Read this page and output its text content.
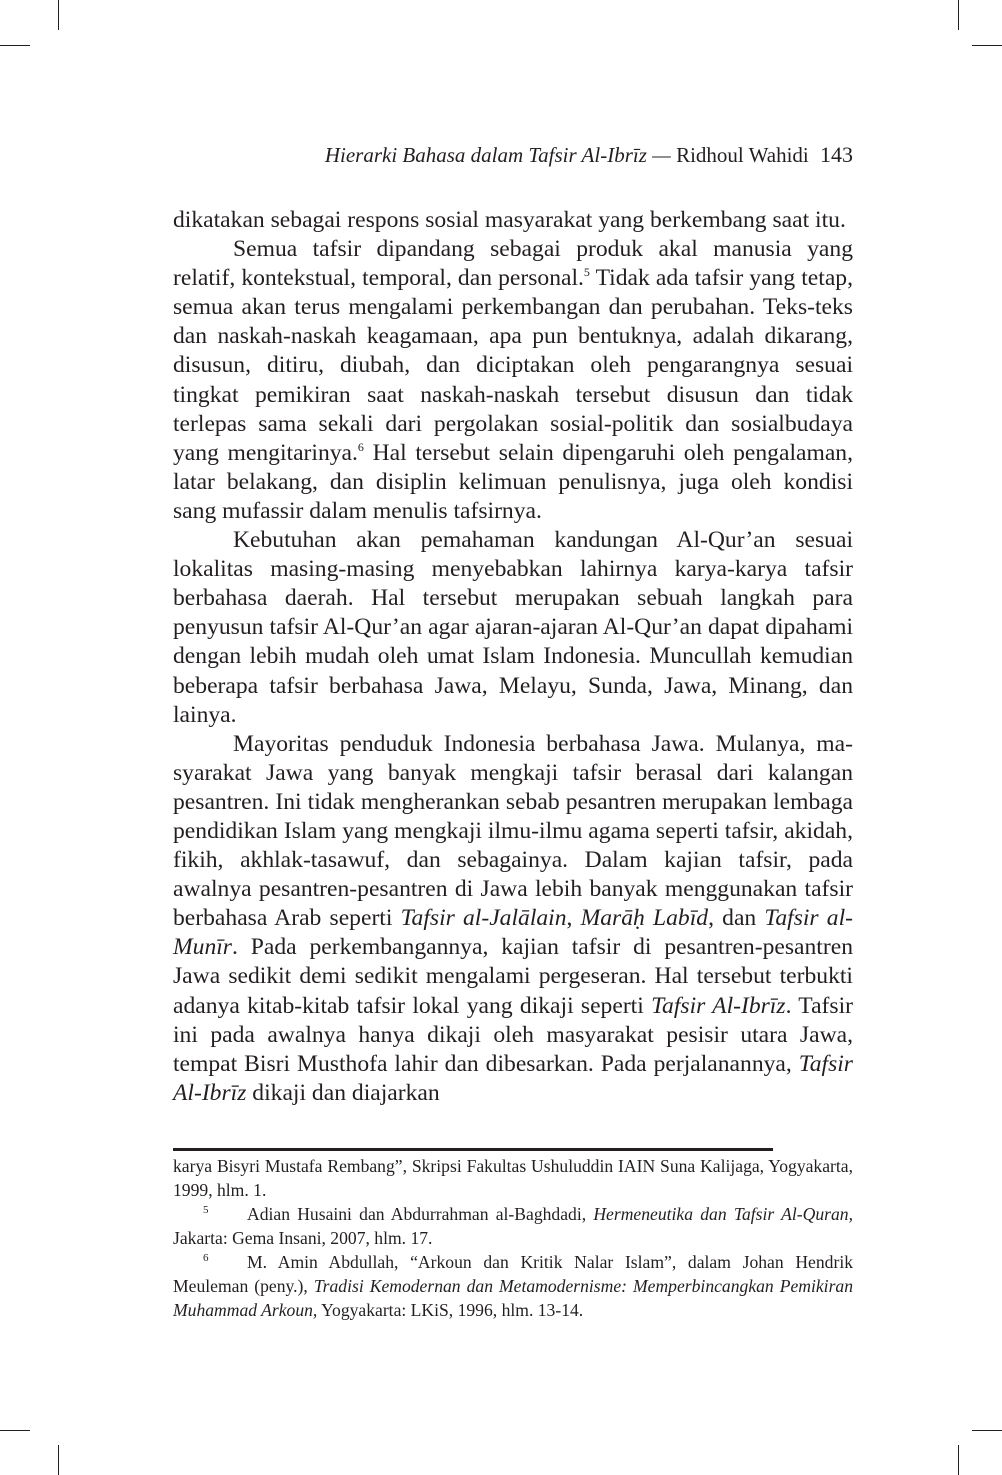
Hierarki Bahasa dalam Tafsir Al-Ibrīz — Ridhoul Wahidi 143

dikatakan sebagai respons sosial masyarakat yang berkembang saat itu.

Semua tafsir dipandang sebagai produk akal manusia yang relatif, kontekstual, temporal, dan personal.$^5$ Tidak ada tafsir yang tetap, semua akan terus mengalami perkembangan dan perubahan. Teks-teks dan naskah-naskah keagamaan, apa pun bentuknya, adalah dikarang, disusun, ditiru, diubah, dan diciptakan oleh pengarangnya sesuai tingkat pemikiran saat naskah-naskah tersebut disusun dan tidak terlepas sama sekali dari pergolakan sosial-politik dan sosialbudaya yang mengitarinya.$^6$ Hal tersebut selain dipengaruhi oleh pengalaman, latar belakang, dan disiplin kelimuan penulisnya, juga oleh kondisi sang mufassir dalam menulis tafsirnya.

Kebutuhan akan pemahaman kandungan Al-Qur’an sesuai lokalitas masing-masing menyebabkan lahirnya karya-karya tafsir berbahasa daerah. Hal tersebut merupakan sebuah langkah para penyusun tafsir Al-Qur’an agar ajaran-ajaran Al-Qur’an dapat dipahami dengan lebih mudah oleh umat Islam Indonesia. Muncullah kemudian beberapa tafsir berbahasa Jawa, Melayu, Sunda, Jawa, Minang, dan lainya.

Mayoritas penduduk Indonesia berbahasa Jawa. Mulanya, masyarakat Jawa yang banyak mengkaji tafsir berasal dari kalangan pesantren. Ini tidak mengherankan sebab pesantren merupakan lembaga pendidikan Islam yang mengkaji ilmu-ilmu agama seperti tafsir, akidah, fikih, akhlak-tasawuf, dan sebagainya. Dalam kajian tafsir, pada awalnya pesantren-pesantren di Jawa lebih banyak menggunakan tafsir berbahasa Arab seperti Tafsir al-Jalālain, Marāḥ Labīd, dan Tafsir al-Munīr. Pada perkembangannya, kajian tafsir di pesantren-pesantren Jawa sedikit demi sedikit mengalami pergeseran. Hal tersebut terbukti adanya kitab-kitab tafsir lokal yang dikaji seperti Tafsir Al-Ibrīz. Tafsir ini pada awalnya hanya dikaji oleh masyarakat pesisir utara Jawa, tempat Bisri Musthofa lahir dan dibesarkan. Pada perjalanannya, Tafsir Al-Ibrīz dikaji dan diajarkan

karya Bisyri Mustafa Rembang”, Skripsi Fakultas Ushuluddin IAIN Suna Kalijaga, Yogyakarta, 1999, hlm. 1.

5 Adian Husaini dan Abdurrahman al-Baghdadi, Hermeneutika dan Tafsir Al-Quran, Jakarta: Gema Insani, 2007, hlm. 17.

6 M. Amin Abdullah, “Arkoun dan Kritik Nalar Islam”, dalam Johan Hendrik Meuleman (peny.), Tradisi Kemodernan dan Metamodernisme: Memperbincangkan Pemikiran Muhammad Arkoun, Yogyakarta: LKiS, 1996, hlm. 13-14.
